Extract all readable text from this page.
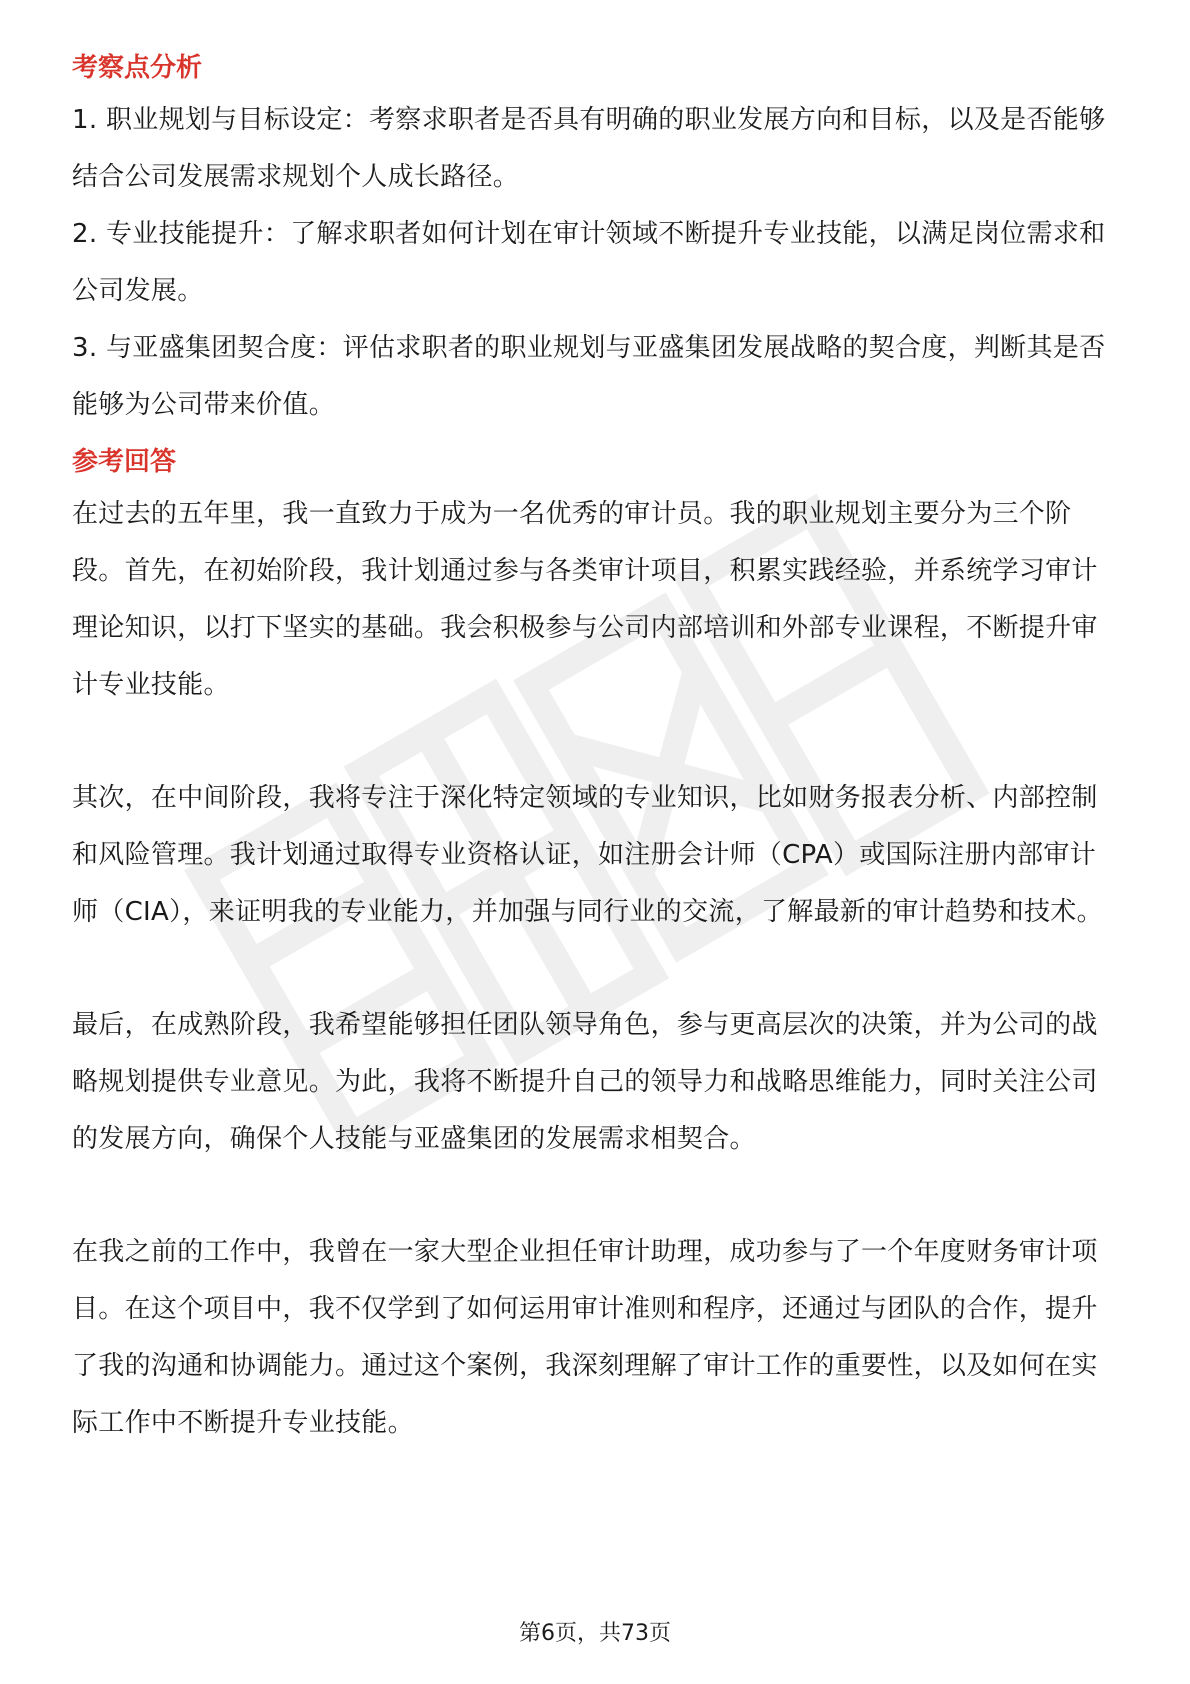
考察点分析

1. 职业规划与目标设定：考察求职者是否具有明确的职业发展方向和目标，以及是否能够结合公司发展需求规划个人成长路径。

2. 专业技能提升：了解求职者如何计划在审计领域不断提升专业技能，以满足岗位需求和公司发展。

3. 与亚盛集团契合度：评估求职者的职业规划与亚盛集团发展战略的契合度，判断其是否能够为公司带来价值。

参考回答

在过去的五年里，我一直致力于成为一名优秀的审计员。我的职业规划主要分为三个阶段。首先，在初始阶段，我计划通过参与各类审计项目，积累实践经验，并系统学习审计理论知识，以打下坚实的基础。我会积极参与公司内部培训和外部专业课程，不断提升审计专业技能。

其次，在中间阶段，我将专注于深化特定领域的专业知识，比如财务报表分析、内部控制和风险管理。我计划通过取得专业资格认证，如注册会计师（CPA）或国际注册内部审计师（CIA），来证明我的专业能力，并加强与同行业的交流，了解最新的审计趋势和技术。

最后，在成熟阶段，我希望能够担任团队领导角色，参与更高层次的决策，并为公司的战略规划提供专业意见。为此，我将不断提升自己的领导力和战略思维能力，同时关注公司的发展方向，确保个人技能与亚盛集团的发展需求相契合。

在我之前的工作中，我曾在一家大型企业担任审计助理，成功参与了一个年度财务审计项目。在这个项目中，我不仅学到了如何运用审计准则和程序，还通过与团队的合作，提升了我的沟通和协调能力。通过这个案例，我深刻理解了审计工作的重要性，以及如何在实际工作中不断提升专业技能。

第6页，共73页
